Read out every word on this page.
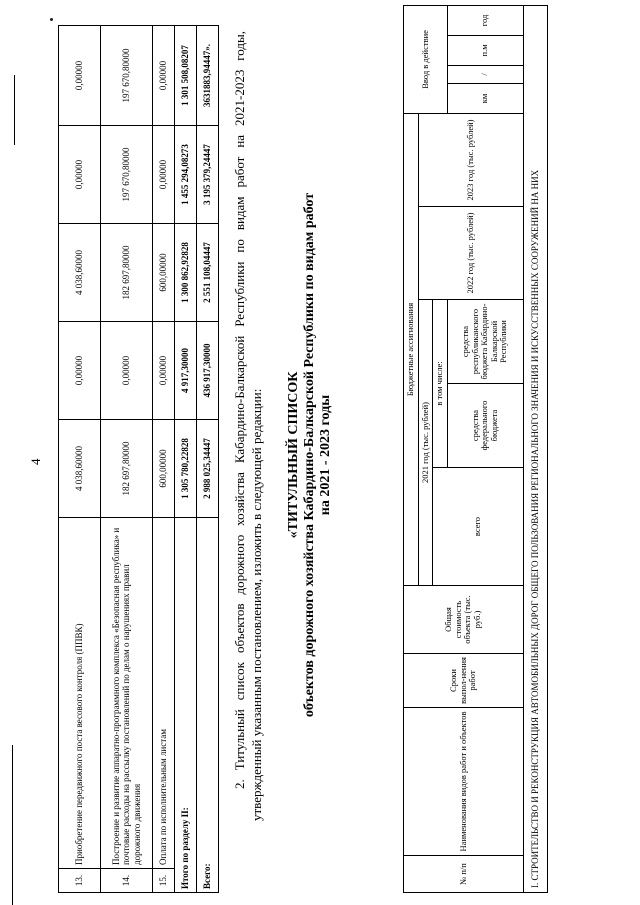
4
13.	Приобретение передвижного поста весового контроля (ППВК)	4 038,60000	0,00000	4 038,60000	0,00000	0,00000
14.	Построение и развитие аппаратно-программного комплекса «Безопасная республика» и почтовые расходы на рассылку постановлений по делам о нарушениях правил дорожного движения	182 697,80000	0,00000	182 697,80000	197 670,80000	197 670,80000
15.	Оплата по исполнительным листам	600,00000	0,00000	600,00000	0,00000	0,00000
Итого по разделу II:		1 305 780,22828	4 917,30000	1 300 862,92828	1 455 294,08273	1 301 508,08207
Всего:		2 988 025,34447	436 917,30000	2 551 108,04447	3 195 379,24447	3631883,94447». 2. Титульный список объектов дорожного хозяйства Кабардино-Балкарской Республики по видам работ на 2021-2023 годы, утвержденный указанным постановлением, изложить в следующей редакции: «ТИТУЛЬНЫЙ СПИСОК объектов дорожного хозяйства Кабардино-Балкарской Республики по видам работ на 2021 - 2023 годы
№ п/п	Наименования видов работ и объектов	Сроки выпол-нения работ	Общая стоимость объекта (тыс. руб.)	Бюджетные ассигнования					Ввод в действие			
				2021 год (тыс. рублей)			2022 год (тыс. рублей)	2023 год (тыс. рублей)				
				всего	в том числе:							
					средства федерального бюджета	средства республиканского бюджета Кабардино-Балкарской Республики			км	/	п.м	год
I. СТРОИТЕЛЬСТВО И РЕКОНСТРУКЦИЯ АВТОМОБИЛЬНЫХ ДОРОГ ОБЩЕГО ПОЛЬЗОВАНИЯ РЕГИОНАЛЬНОГО ЗНАЧЕНИЯ И ИСКУССТВЕННЫХ СООРУЖЕНИЙ НА НИХ												
